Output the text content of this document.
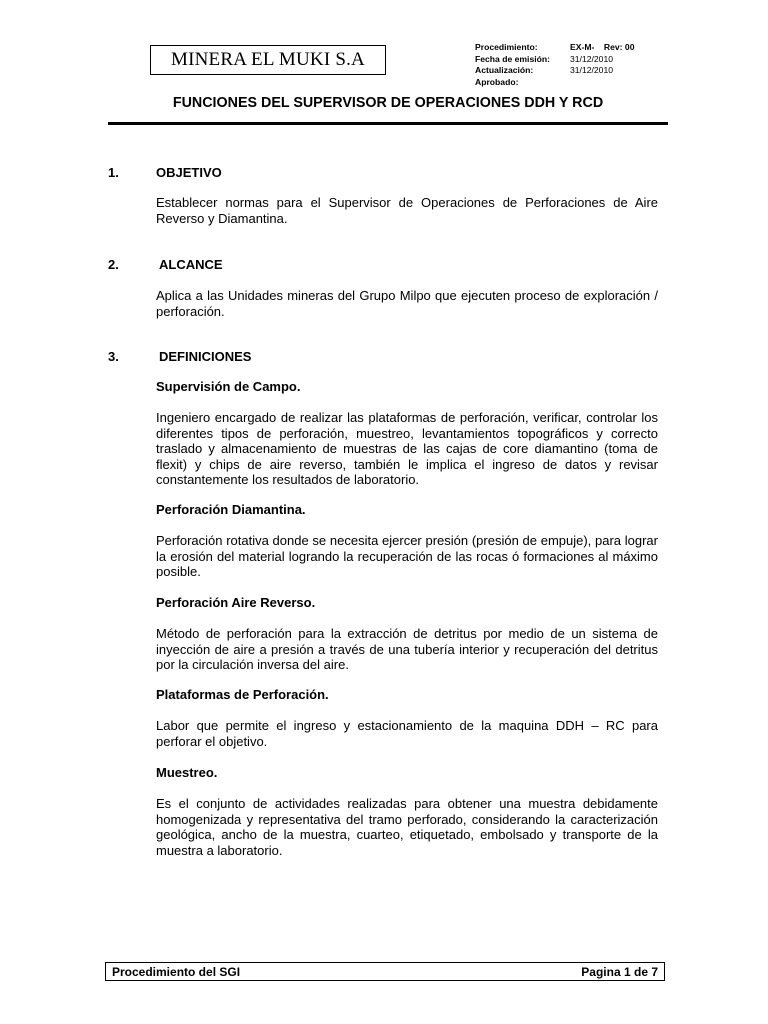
MINERA EL MUKI S.A
Procedimiento:	EX-M-    Rev: 00
Fecha de emisión:	31/12/2010
Actualización:	31/12/2010
Aprobado:
FUNCIONES DEL SUPERVISOR DE OPERACIONES DDH Y RCD
1.	OBJETIVO

Establecer normas para el Supervisor de Operaciones de Perforaciones de Aire Reverso y Diamantina.

2.	ALCANCE

Aplica a las Unidades mineras del Grupo Milpo que ejecuten proceso de exploración / perforación.

3.	DEFINICIONES

Supervisión de Campo.

Ingeniero encargado de realizar las plataformas de perforación, verificar, controlar los diferentes tipos de perforación, muestreo, levantamientos topográficos y correcto traslado y almacenamiento de muestras de las cajas de core diamantino (toma de flexit) y chips de aire reverso, también le implica el ingreso de datos y revisar constantemente los resultados de laboratorio.

Perforación Diamantina.

Perforación rotativa donde se necesita ejercer presión (presión de empuje), para lograr la erosión del material logrando la recuperación de las rocas ó formaciones al máximo posible.

Perforación Aire Reverso.

Método de perforación para la extracción de detritus por medio de un sistema de inyección de aire a presión a través de una tubería interior y recuperación del detritus por la circulación inversa del aire.

Plataformas de Perforación.

Labor que permite el ingreso y estacionamiento de la maquina DDH – RC para perforar el objetivo.

Muestreo.

Es el conjunto de actividades realizadas para obtener una muestra debidamente homogenizada y representativa del tramo perforado, considerando la caracterización geológica, ancho de la muestra, cuarteo, etiquetado, embolsado y transporte de la muestra a laboratorio.

Procedimiento del SGI	Pagina 1 de 7
